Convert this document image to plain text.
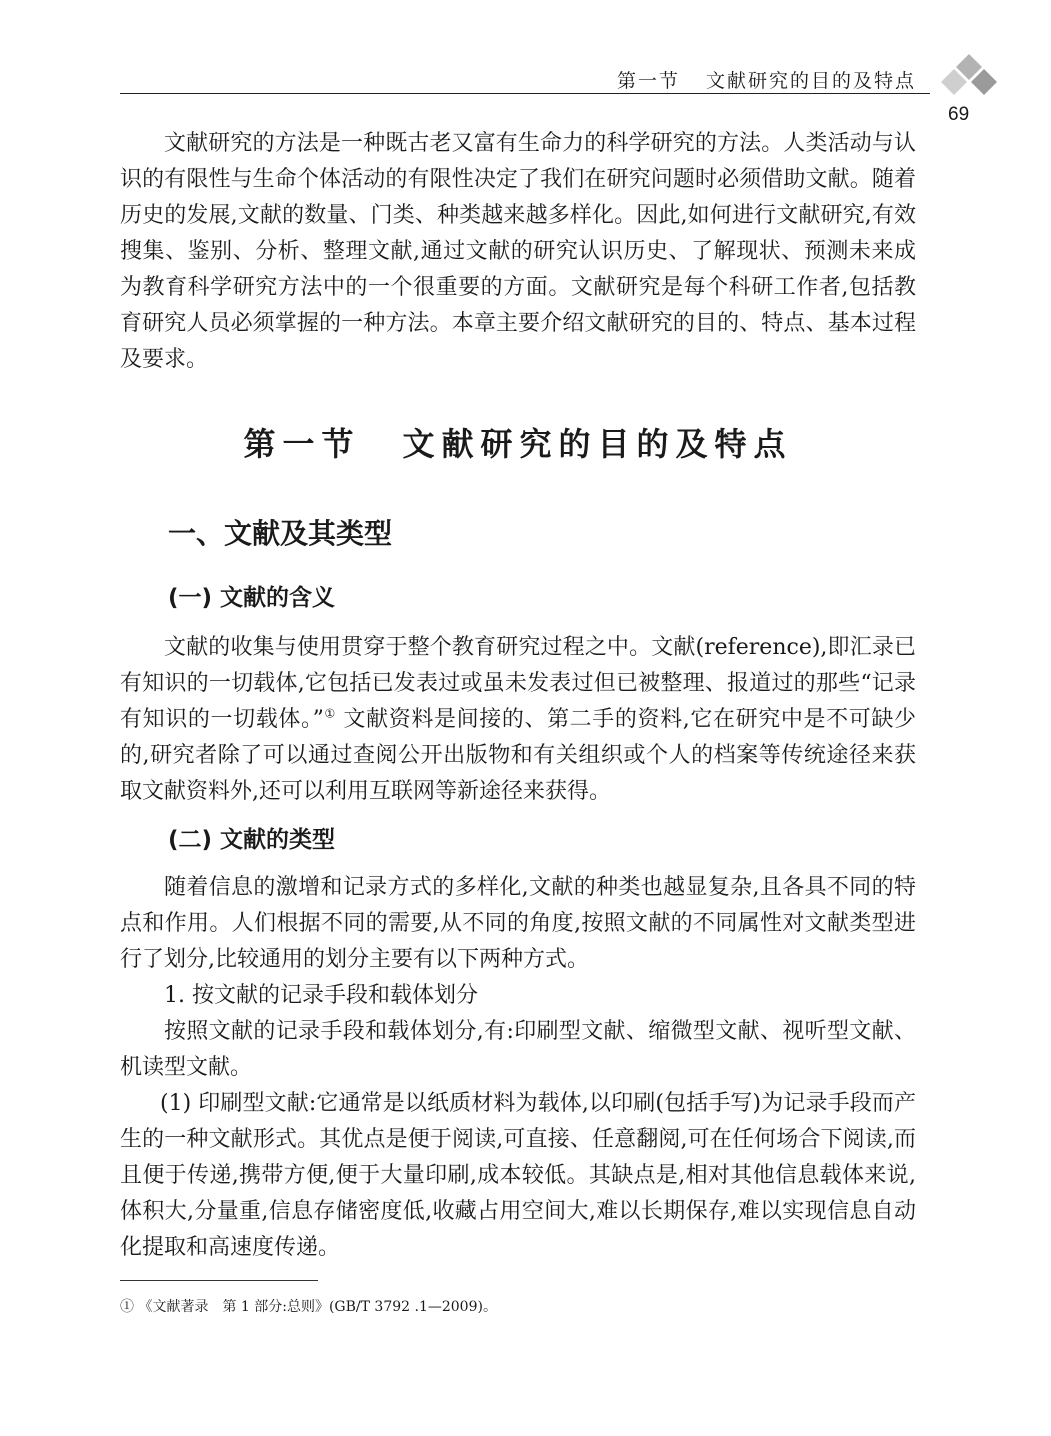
第一节 文献研究的目的及特点
69

文献研究的方法是一种既古老又富有生命力的科学研究的方法。人类活动与认识的有限性与生命个体活动的有限性决定了我们在研究问题时必须借助文献。随着历史的发展,文献的数量、门类、种类越来越多样化。因此,如何进行文献研究,有效搜集、鉴别、分析、整理文献,通过文献的研究认识历史、了解现状、预测未来成为教育科学研究方法中的一个很重要的方面。文献研究是每个科研工作者,包括教育研究人员必须掌握的一种方法。本章主要介绍文献研究的目的、特点、基本过程及要求。

第一节 文献研究的目的及特点
一、文献及其类型
(一) 文献的含义

文献的收集与使用贯穿于整个教育研究过程之中。文献(reference),即汇录已有知识的一切载体,它包括已发表过或虽未发表过但已被整理、报道过的那些“记录有知识的一切载体。”① 文献资料是间接的、第二手的资料,它在研究中是不可缺少的,研究者除了可以通过查阅公开出版物和有关组织或个人的档案等传统途径来获取文献资料外,还可以利用互联网等新途径来获得。

(二) 文献的类型

随着信息的激增和记录方式的多样化,文献的种类也越显复杂,且各具不同的特点和作用。人们根据不同的需要,从不同的角度,按照文献的不同属性对文献类型进行了划分,比较通用的划分主要有以下两种方式。

1. 按文献的记录手段和载体划分

按照文献的记录手段和载体划分,有:印刷型文献、缩微型文献、视听型文献、机读型文献。

(1) 印刷型文献:它通常是以纸质材料为载体,以印刷(包括手写)为记录手段而产生的一种文献形式。其优点是便于阅读,可直接、任意翻阅,可在任何场合下阅读,而且便于传递,携带方便,便于大量印刷,成本较低。其缺点是,相对其他信息载体来说,体积大,分量重,信息存储密度低,收藏占用空间大,难以长期保存,难以实现信息自动化提取和高速度传递。

① 《文献著录　第 1 部分:总则》(GB/T 3792 .1—2009)。
